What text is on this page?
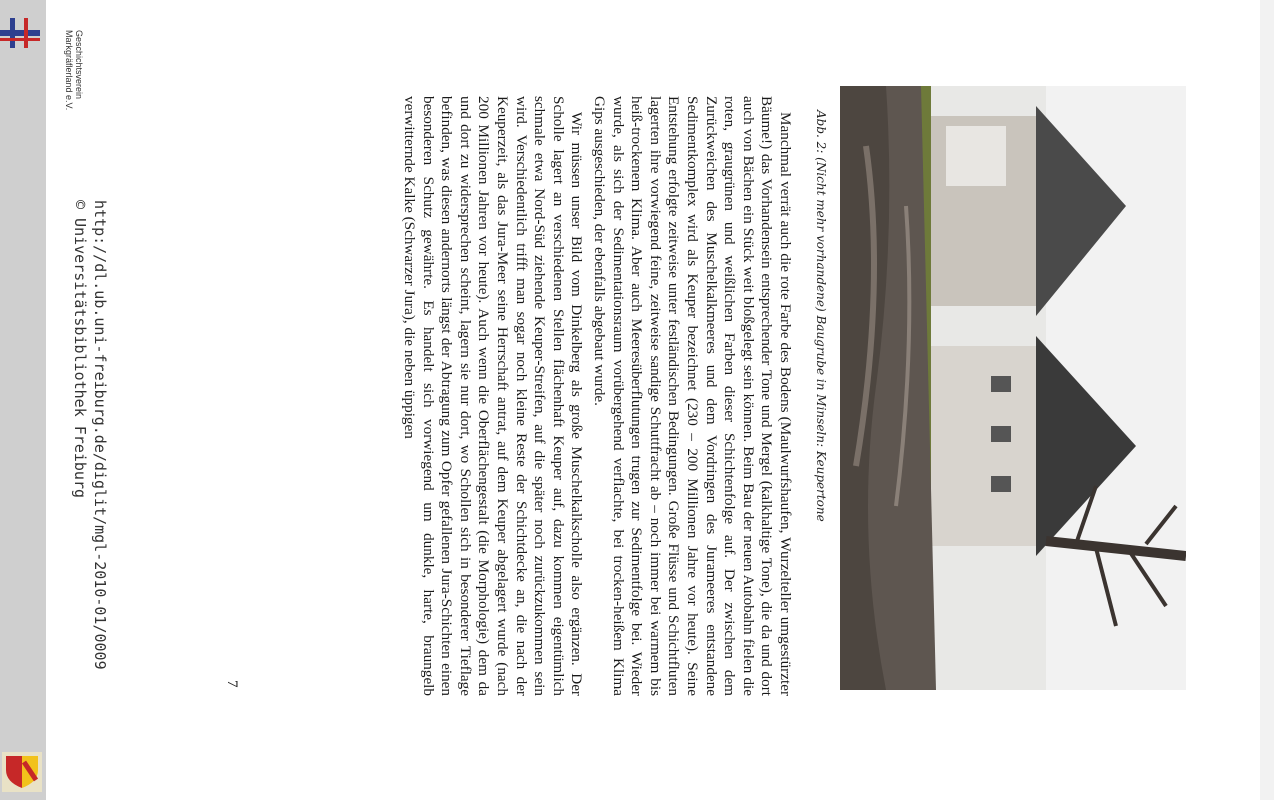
Abb. 2: (Nicht mehr vorhandene) Baugrube in Minseln: Keupertone

Manchmal verrät auch die rote Farbe des Bodens (Maulwurfshaufen, Wurzelteller umgestürzter Bäume!) das Vorhandensein entsprechender Tone und Mergel (kalkhaltige Tone), die da und dort auch von Bächen ein Stück weit bloßgelegt sein können. Beim Bau der neuen Autobahn fielen die roten, graugrünen und weißlichen Farben dieser Schichtenfolge auf. Der zwischen dem Zurückweichen des Muschelkalkmeeres und dem Vordringen des Jurameeres entstandene Sedimentkomplex wird als Keuper bezeichnet (230 – 200 Millionen Jahre vor heute). Seine Entstehung erfolgte zeitweise unter festländischen Bedingungen. Große Flüsse und Schichtfluten lagerten ihre vorwiegend feine, zeitweise sandige Schuttfracht ab – noch immer bei warmem bis heiß-trockenem Klima. Aber auch Meeresüberflutungen trugen zur Sedimentfolge bei. Wieder wurde, als sich der Sedimentationsraum vorübergehend verflachte, bei trocken-heißem Klima Gips ausgeschieden, der ebenfalls abgebaut wurde.

Wir müssen unser Bild vom Dinkelberg als große Muschelkalkscholle also ergänzen. Der Scholle lagert an verschiedenen Stellen flächenhaft Keuper auf, dazu kommen eigentümlich schmale etwa Nord-Süd ziehende Keuper-Streifen, auf die später noch zurückzukommen sein wird. Verschiedentlich trifft man sogar noch kleine Reste der Schichtdecke an, die nach der Keuperzeit, als das Jura-Meer seine Herrschaft antrat, auf dem Keuper abgelagert wurde (nach 200 Millionen Jahren vor heute). Auch wenn die Oberflächengestalt (die Morphologie) dem da und dort zu widersprechen scheint, lagern sie nur dort, wo Schollen sich in besonderer Tieflage befinden, was diesen andernorts längst der Abtragung zum Opfer gefallenen Jura-Schichten einen besonderen Schutz gewährte. Es handelt sich vorwiegend um dunkle, harte, braungelb verwitternde Kalke (Schwarzer Jura), die neben üppigen

7
http://dl.ub.uni-freiburg.de/diglit/mgl-2010-01/0009
© Universitätsbibliothek Freiburg
Geschichtsverein
Markgräflerland e.V.
